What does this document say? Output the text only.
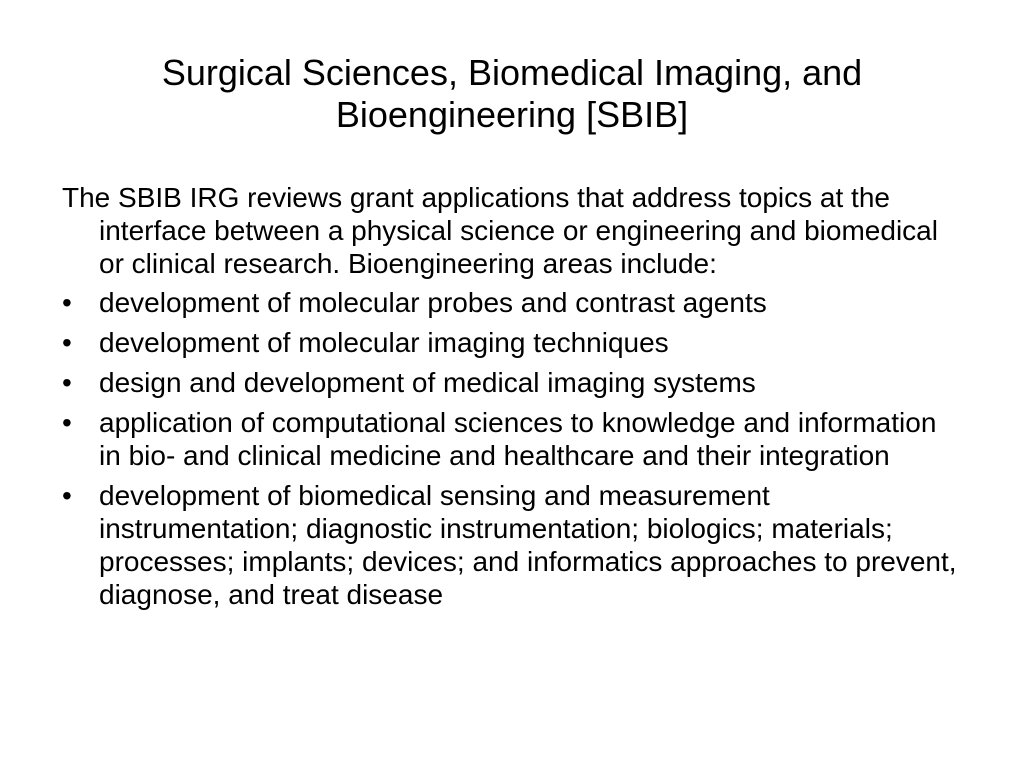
Surgical Sciences, Biomedical Imaging, and
Bioengineering [SBIB]

The SBIB IRG reviews grant applications that address topics at the interface between a physical science or engineering and biomedical or clinical research. Bioengineering areas include:

• development of molecular probes and contrast agents
• development of molecular imaging techniques
• design and development of medical imaging systems
• application of computational sciences to knowledge and information in bio- and clinical medicine and healthcare and their integration
• development of biomedical sensing and measurement instrumentation; diagnostic instrumentation; biologics; materials; processes; implants; devices; and informatics approaches to prevent, diagnose, and treat disease
